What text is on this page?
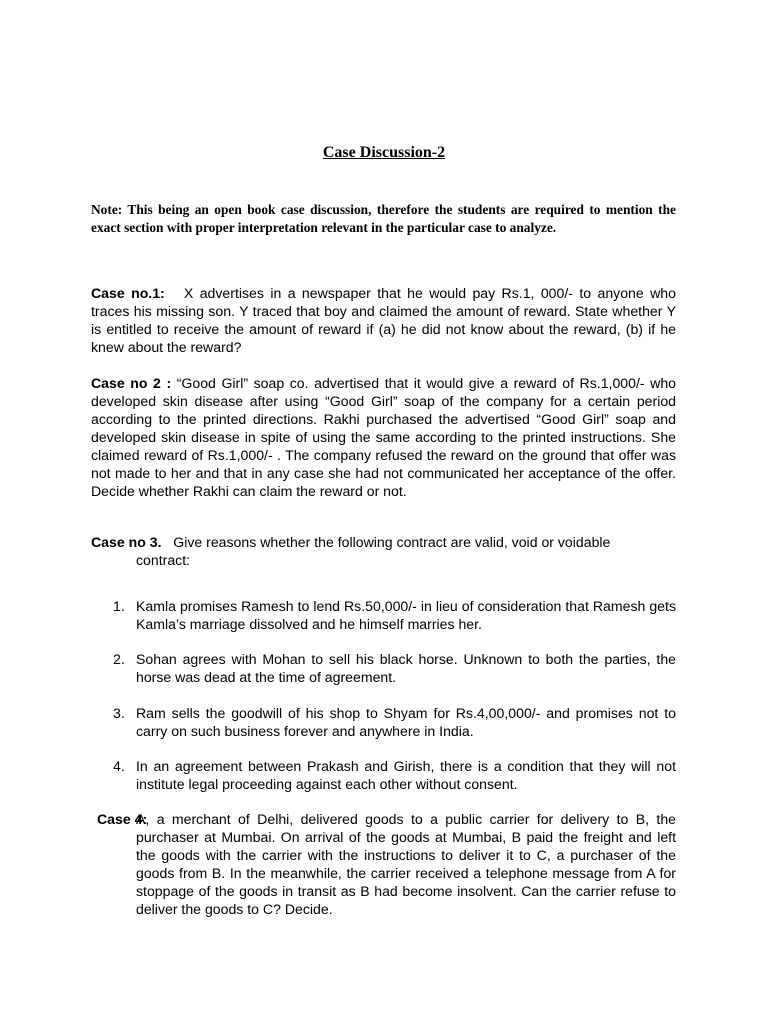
Case Discussion-2
Note: This being an open book case discussion, therefore the students are required to mention the exact section with proper interpretation relevant in the particular case to analyze.
Case no.1: X advertises in a newspaper that he would pay Rs.1, 000/- to anyone who traces his missing son. Y traced that boy and claimed the amount of reward. State whether Y is entitled to receive the amount of reward if (a) he did not know about the reward, (b) if he knew about the reward?
Case no 2 : “Good Girl” soap co. advertised that it would give a reward of Rs.1,000/- who developed skin disease after using “Good Girl” soap of the company for a certain period according to the printed directions. Rakhi purchased the advertised “Good Girl” soap and developed skin disease in spite of using the same according to the printed instructions. She claimed reward of Rs.1,000/- . The company refused the reward on the ground that offer was not made to her and that in any case she had not communicated her acceptance of the offer. Decide whether Rakhi can claim the reward or not.
Case no 3. Give reasons whether the following contract are valid, void or voidable
contract:
1. Kamla promises Ramesh to lend Rs.50,000/- in lieu of consideration that Ramesh gets Kamla’s marriage dissolved and he himself marries her.
2. Sohan agrees with Mohan to sell his black horse. Unknown to both the parties, the horse was dead at the time of agreement.
3. Ram sells the goodwill of his shop to Shyam for Rs.4,00,000/- and promises not to carry on such business forever and anywhere in India.
4. In an agreement between Prakash and Girish, there is a condition that they will not institute legal proceeding against each other without consent.
Case 4:
A, a merchant of Delhi, delivered goods to a public carrier for delivery to B, the purchaser at Mumbai. On arrival of the goods at Mumbai, B paid the freight and left the goods with the carrier with the instructions to deliver it to C, a purchaser of the goods from B. In the meanwhile, the carrier received a telephone message from A for stoppage of the goods in transit as B had become insolvent. Can the carrier refuse to deliver the goods to C? Decide.
